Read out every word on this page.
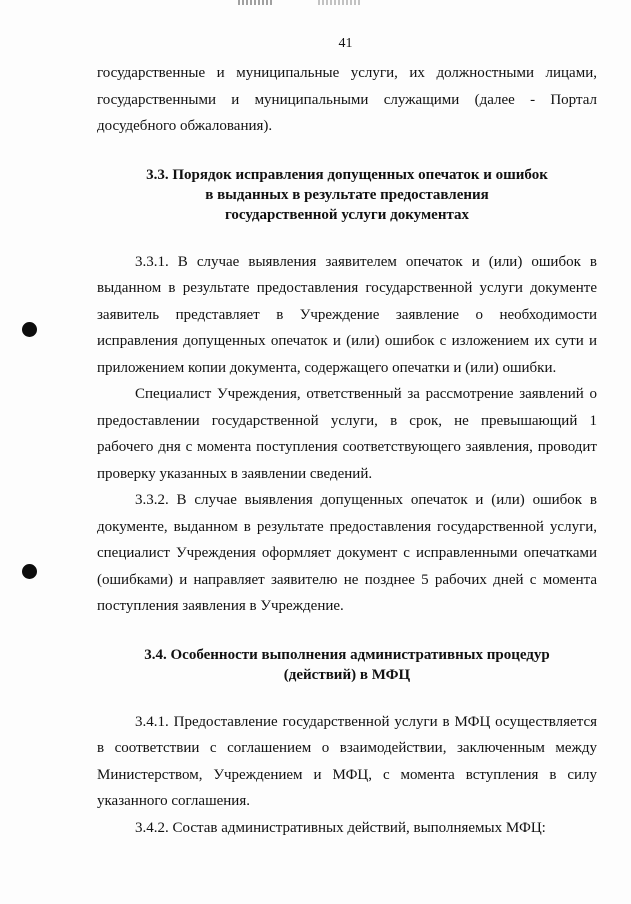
41
государственные и муниципальные услуги, их должностными лицами,
государственными и муниципальными служащими (далее - Портал
досудебного обжалования).
3.3. Порядок исправления допущенных опечаток и ошибок
в выданных в результате предоставления
государственной услуги документах
3.3.1. В случае выявления заявителем опечаток и (или) ошибок в
выданном в результате предоставления государственной услуги документе
заявитель представляет в Учреждение заявление о необходимости
исправления допущенных опечаток и (или) ошибок с изложением их сути и
приложением копии документа, содержащего опечатки и (или) ошибки.
Специалист Учреждения, ответственный за рассмотрение заявлений о
предоставлении государственной услуги, в срок, не превышающий 1
рабочего дня с момента поступления соответствующего заявления, проводит
проверку указанных в заявлении сведений.
3.3.2. В случае выявления допущенных опечаток и (или) ошибок в
документе, выданном в результате предоставления государственной услуги,
специалист Учреждения оформляет документ с исправленными опечатками
(ошибками) и направляет заявителю не позднее 5 рабочих дней с момента
поступления заявления в Учреждение.
3.4. Особенности выполнения административных процедур
(действий) в МФЦ
3.4.1. Предоставление государственной услуги в МФЦ осуществляется
в соответствии с соглашением о взаимодействии, заключенным между
Министерством, Учреждением и МФЦ, с момента вступления в силу
указанного соглашения.
3.4.2. Состав административных действий, выполняемых МФЦ:
